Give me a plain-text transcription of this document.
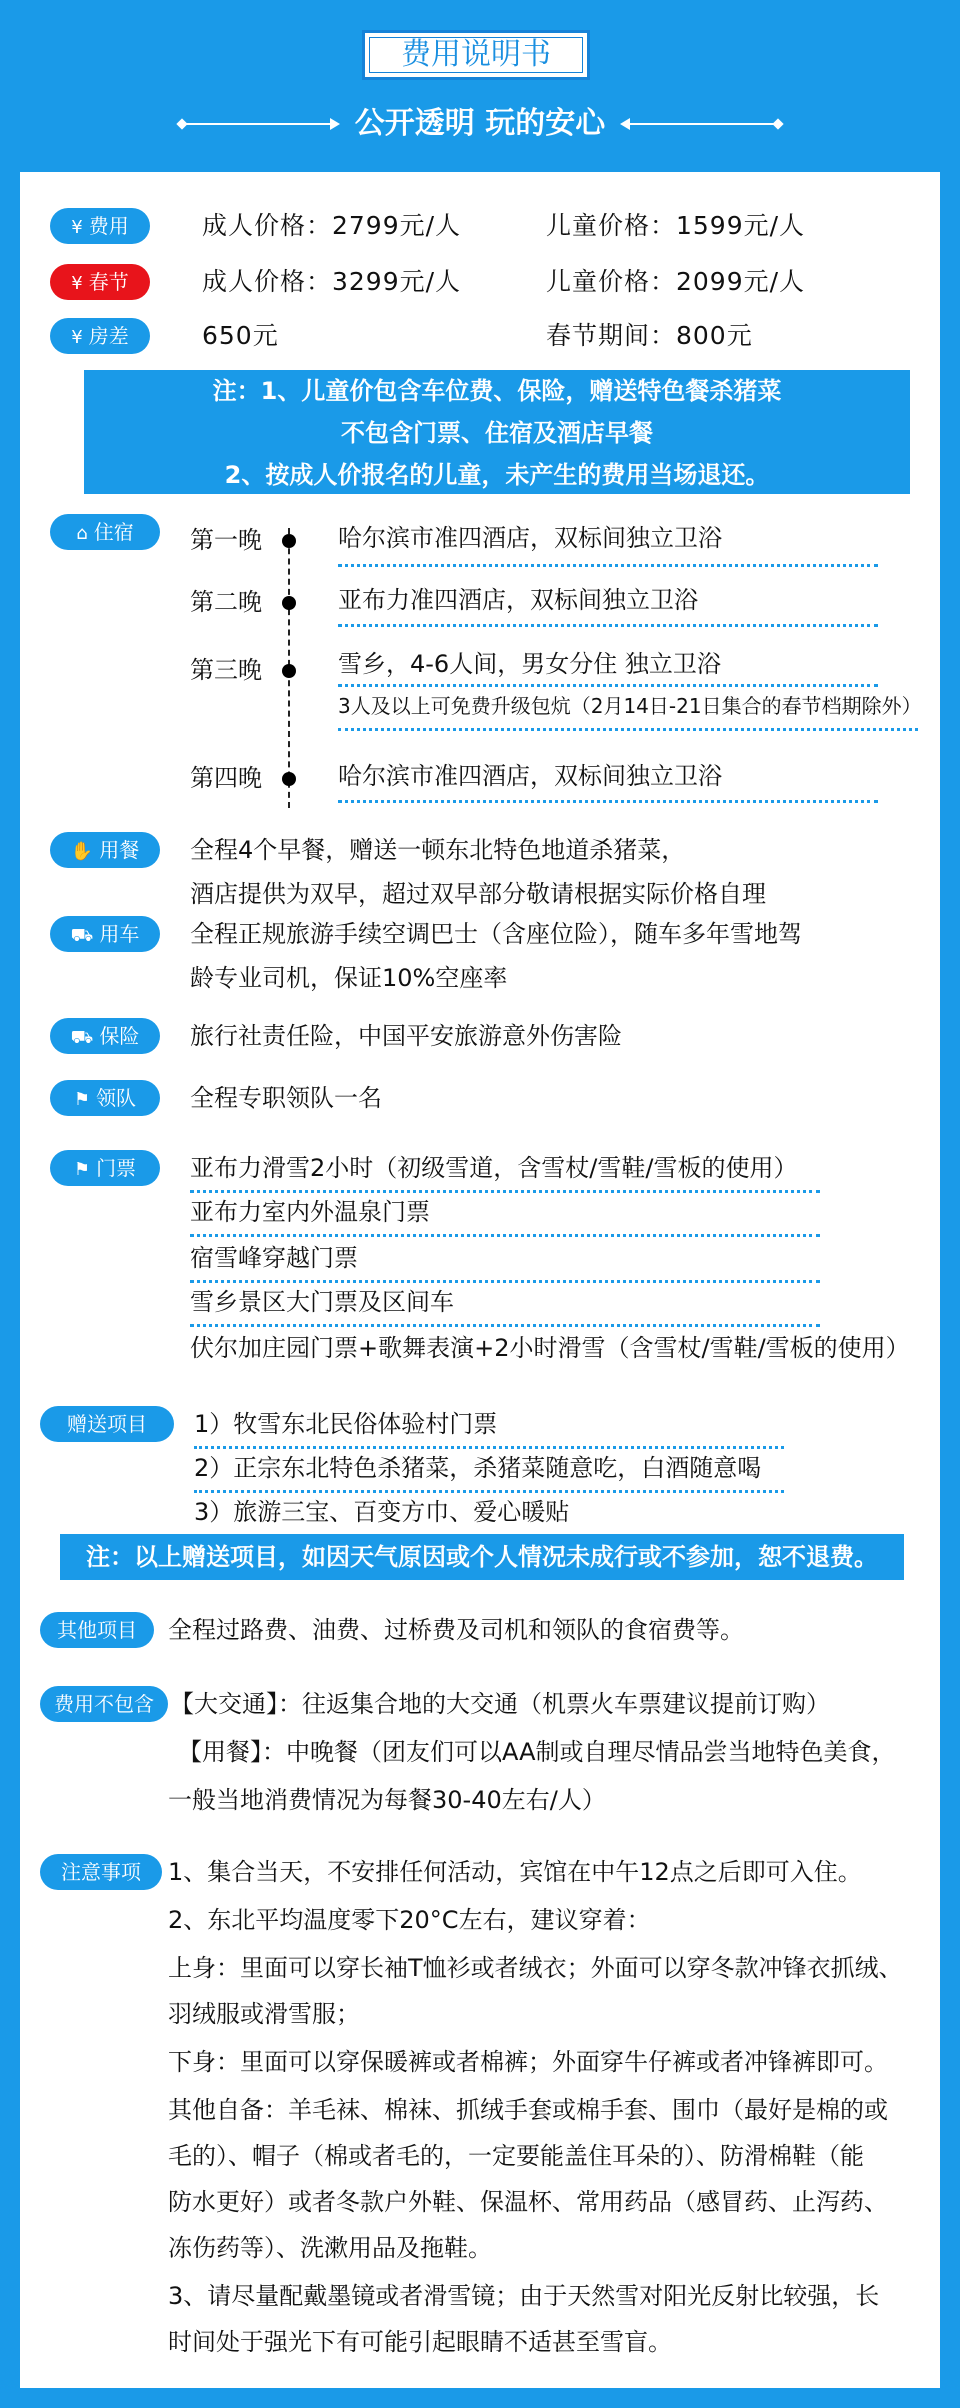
费用说明书
公开透明 玩的安心
¥ 费用	成人价格：2799元/人	儿童价格：1599元/人
¥ 春节	成人价格：3299元/人	儿童价格：2099元/人
¥ 房差	650元	春节期间：800元
注：1、儿童价包含车位费、保险，赠送特色餐杀猪菜
不包含门票、住宿及酒店早餐
2、按成人价报名的儿童，未产生的费用当场退还。
⌂ 住宿	第一晚	哈尔滨市准四酒店，双标间独立卫浴
第二晚	亚布力准四酒店，双标间独立卫浴
第三晚	雪乡，4-6人间，男女分住 独立卫浴
3人及以上可免费升级包炕（2月14日-21日集合的春节档期除外）
第四晚	哈尔滨市准四酒店，双标间独立卫浴
✋ 用餐	全程4个早餐，赠送一顿东北特色地道杀猪菜，
酒店提供为双早，超过双早部分敬请根据实际价格自理
⛟ 用车	全程正规旅游手续空调巴士（含座位险），随车多年雪地驾
龄专业司机，保证10%空座率
⛟ 保险	旅行社责任险，中国平安旅游意外伤害险
⚑ 领队	全程专职领队一名
⚑ 门票	亚布力滑雪2小时（初级雪道，含雪杖/雪鞋/雪板的使用）
亚布力室内外温泉门票
宿雪峰穿越门票
雪乡景区大门票及区间车
伏尔加庄园门票+歌舞表演+2小时滑雪（含雪杖/雪鞋/雪板的使用）
赠送项目	1）牧雪东北民俗体验村门票
2）正宗东北特色杀猪菜，杀猪菜随意吃，白酒随意喝
3）旅游三宝、百变方巾、爱心暖贴
注：以上赠送项目，如因天气原因或个人情况未成行或不参加，恕不退费。
其他项目	全程过路费、油费、过桥费及司机和领队的食宿费等。
费用不包含 【大交通】：往返集合地的大交通（机票火车票建议提前订购）
【用餐】：中晚餐（团友们可以AA制或自理尽情品尝当地特色美食，
一般当地消费情况为每餐30-40左右/人）
注意事项	1、集合当天，不安排任何活动，宾馆在中午12点之后即可入住。
2、东北平均温度零下20°C左右，建议穿着：
上身：里面可以穿长袖T恤衫或者绒衣；外面可以穿冬款冲锋衣抓绒、
羽绒服或滑雪服；
下身：里面可以穿保暖裤或者棉裤；外面穿牛仔裤或者冲锋裤即可。
其他自备：羊毛袜、棉袜、抓绒手套或棉手套、围巾（最好是棉的或
毛的）、帽子（棉或者毛的，一定要能盖住耳朵的）、防滑棉鞋（能
防水更好）或者冬款户外鞋、保温杯、常用药品（感冒药、止泻药、
冻伤药等）、洗漱用品及拖鞋。
3、请尽量配戴墨镜或者滑雪镜；由于天然雪对阳光反射比较强，长
时间处于强光下有可能引起眼睛不适甚至雪盲。
